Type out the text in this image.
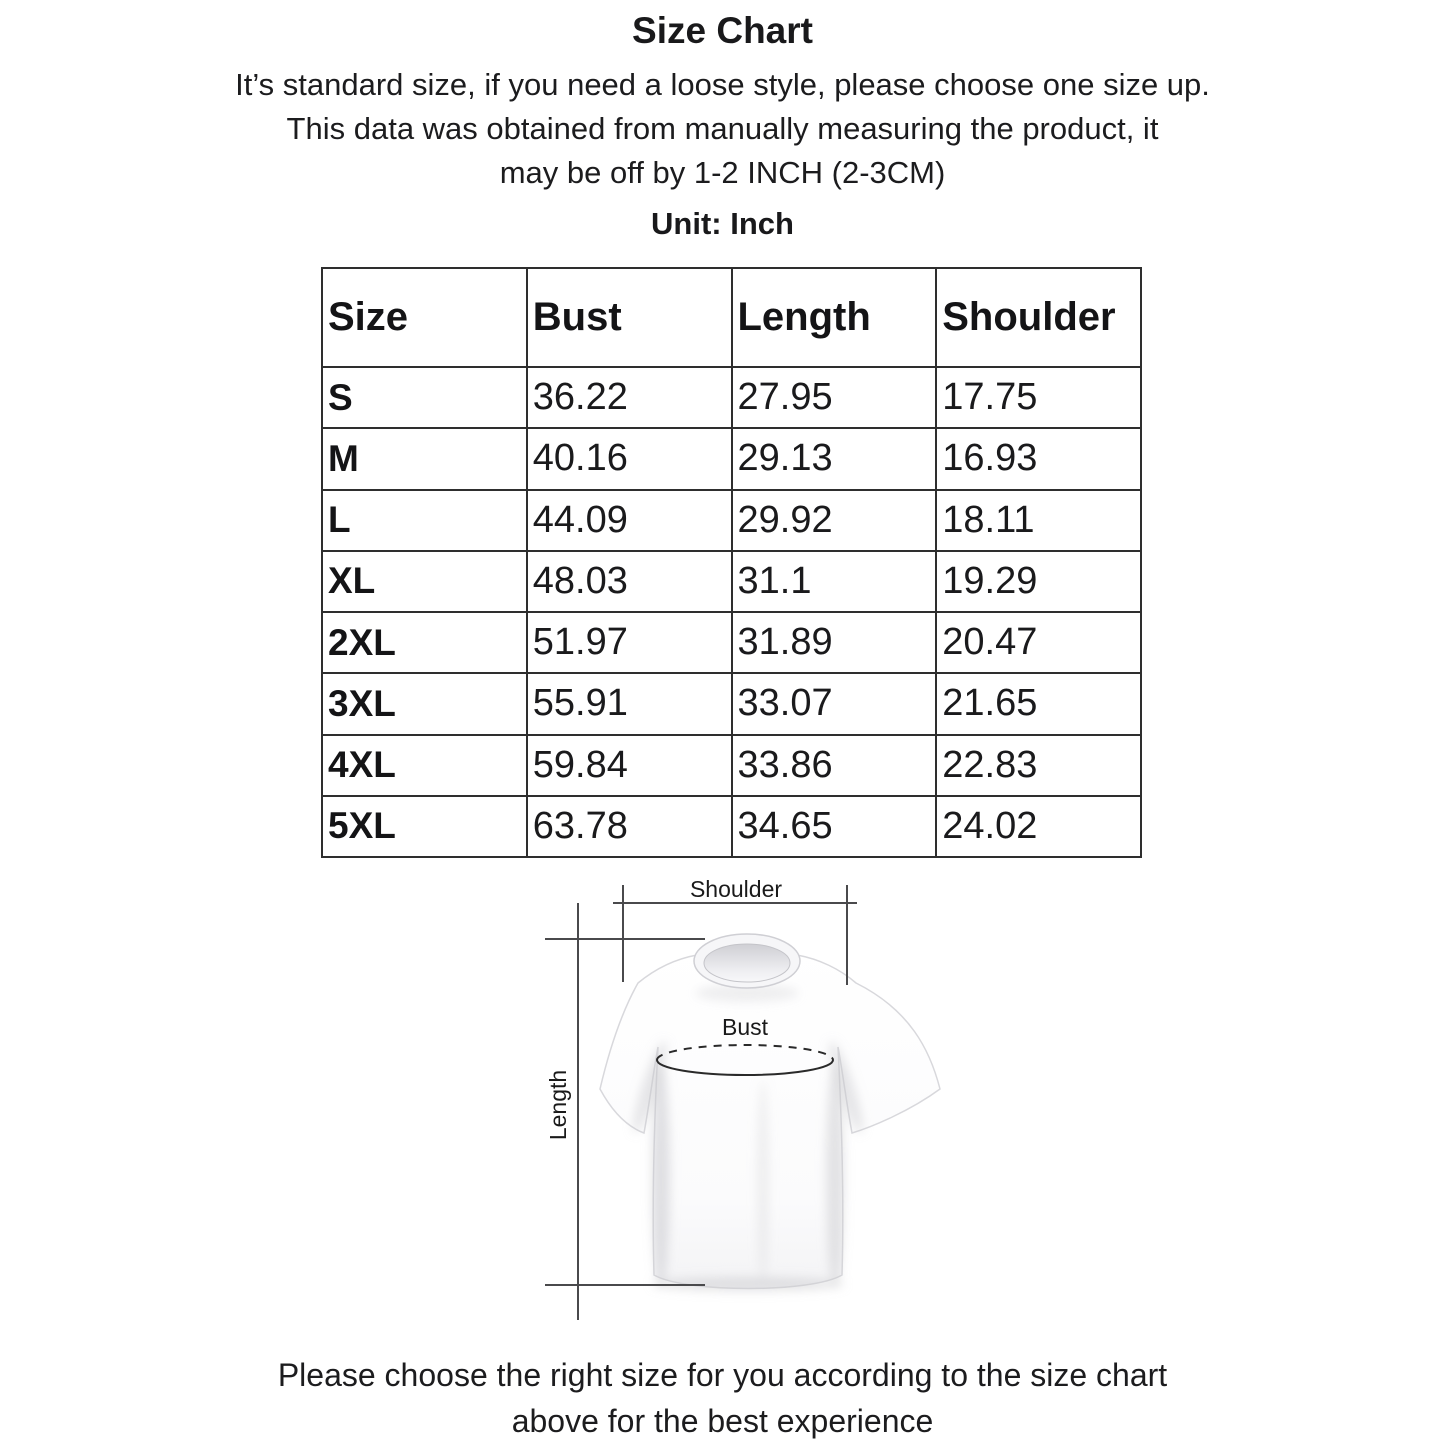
Size Chart
It’s standard size, if you need a loose style, please choose one size up.
This data was obtained from manually measuring the product, it
may be off by 1-2 INCH (2-3CM)
Unit: Inch
Size	Bust	Length	Shoulder
S	36.22	27.95	17.75
M	40.16	29.13	16.93
L	44.09	29.92	18.11
XL	48.03	31.1	19.29
2XL	51.97	31.89	20.47
3XL	55.91	33.07	21.65
4XL	59.84	33.86	22.83
5XL	63.78	34.65	24.02
Shoulder
Length
Bust
Please choose the right size for you according to the size chart
above for the best experience
